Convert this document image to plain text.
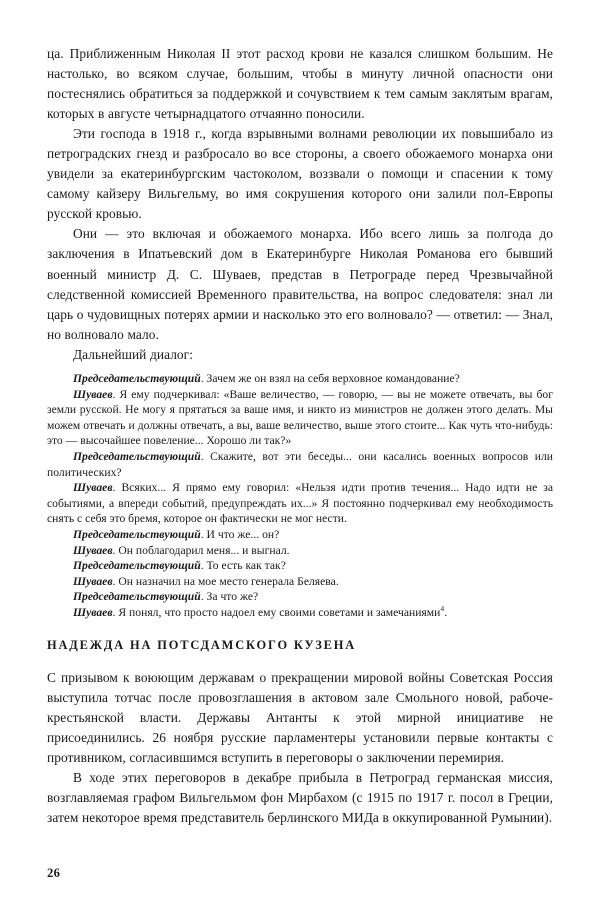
ца. Приближенным Николая II этот расход крови не казался слишком большим. Не настолько, во всяком случае, большим, чтобы в минуту личной опасности они постеснялись обратиться за поддержкой и сочувствием к тем самым заклятым врагам, которых в августе четырнадцатого отчаянно поносили.

Эти господа в 1918 г., когда взрывными волнами революции их повышибало из петроградских гнезд и разбросало во все стороны, а своего обожаемого монарха они увидели за екатеринбургским частоколом, воззвали о помощи и спасении к тому самому кайзеру Вильгельму, во имя сокрушения которого они залили пол-Европы русской кровью.

Они — это включая и обожаемого монарха. Ибо всего лишь за полгода до заключения в Ипатьевский дом в Екатеринбурге Николая Романова его бывший военный министр Д. С. Шуваев, представ в Петрограде перед Чрезвычайной следственной комиссией Временного правительства, на вопрос следователя: знал ли царь о чудовищных потерях армии и насколько это его волновало? — ответил: — Знал, но волновало мало.

Дальнейший диалог:

Председательствующий. Зачем же он взял на себя верховное командование?

Шуваев. Я ему подчеркивал: «Ваше величество, — говорю, — вы не можете отвечать, вы бог земли русской. Не могу я прятаться за ваше имя, и никто из министров не должен этого делать. Мы можем отвечать и должны отвечать, а вы, ваше величество, выше этого стоите... Как чуть что-нибудь: это — высочайшее повеление... Хорошо ли так?»

Председательствующий. Скажите, вот эти беседы... они касались военных вопросов или политических?

Шуваев. Всяких... Я прямо ему говорил: «Нельзя идти против течения... Надо идти не за событиями, а впереди событий, предупреждать их...» Я постоянно подчеркивал ему необходимость снять с себя это бремя, которое он фактически не мог нести.

Председательствующий. И что же... он?

Шуваев. Он поблагодарил меня... и выгнал.

Председательствующий. То есть как так?

Шуваев. Он назначил на мое место генерала Беляева.

Председательствующий. За что же?

Шуваев. Я понял, что просто надоел ему своими советами и замечаниями$^4$.

НАДЕЖДА НА ПОТСДАМСКОГО КУЗЕНА

С призывом к воюющим державам о прекращении мировой войны Советская Россия выступила тотчас после провозглашения в актовом зале Смольного новой, рабоче-крестьянской власти. Державы Антанты к этой мирной инициативе не присоединились. 26 ноября русские парламентеры установили первые контакты с противником, согласившимся вступить в переговоры о заключении перемирия.

В ходе этих переговоров в декабре прибыла в Петроград германская миссия, возглавляемая графом Вильгельмом фон Мирбахом (с 1915 по 1917 г. посол в Греции, затем некоторое время представитель берлинского МИДа в оккупированной Румынии).

26
